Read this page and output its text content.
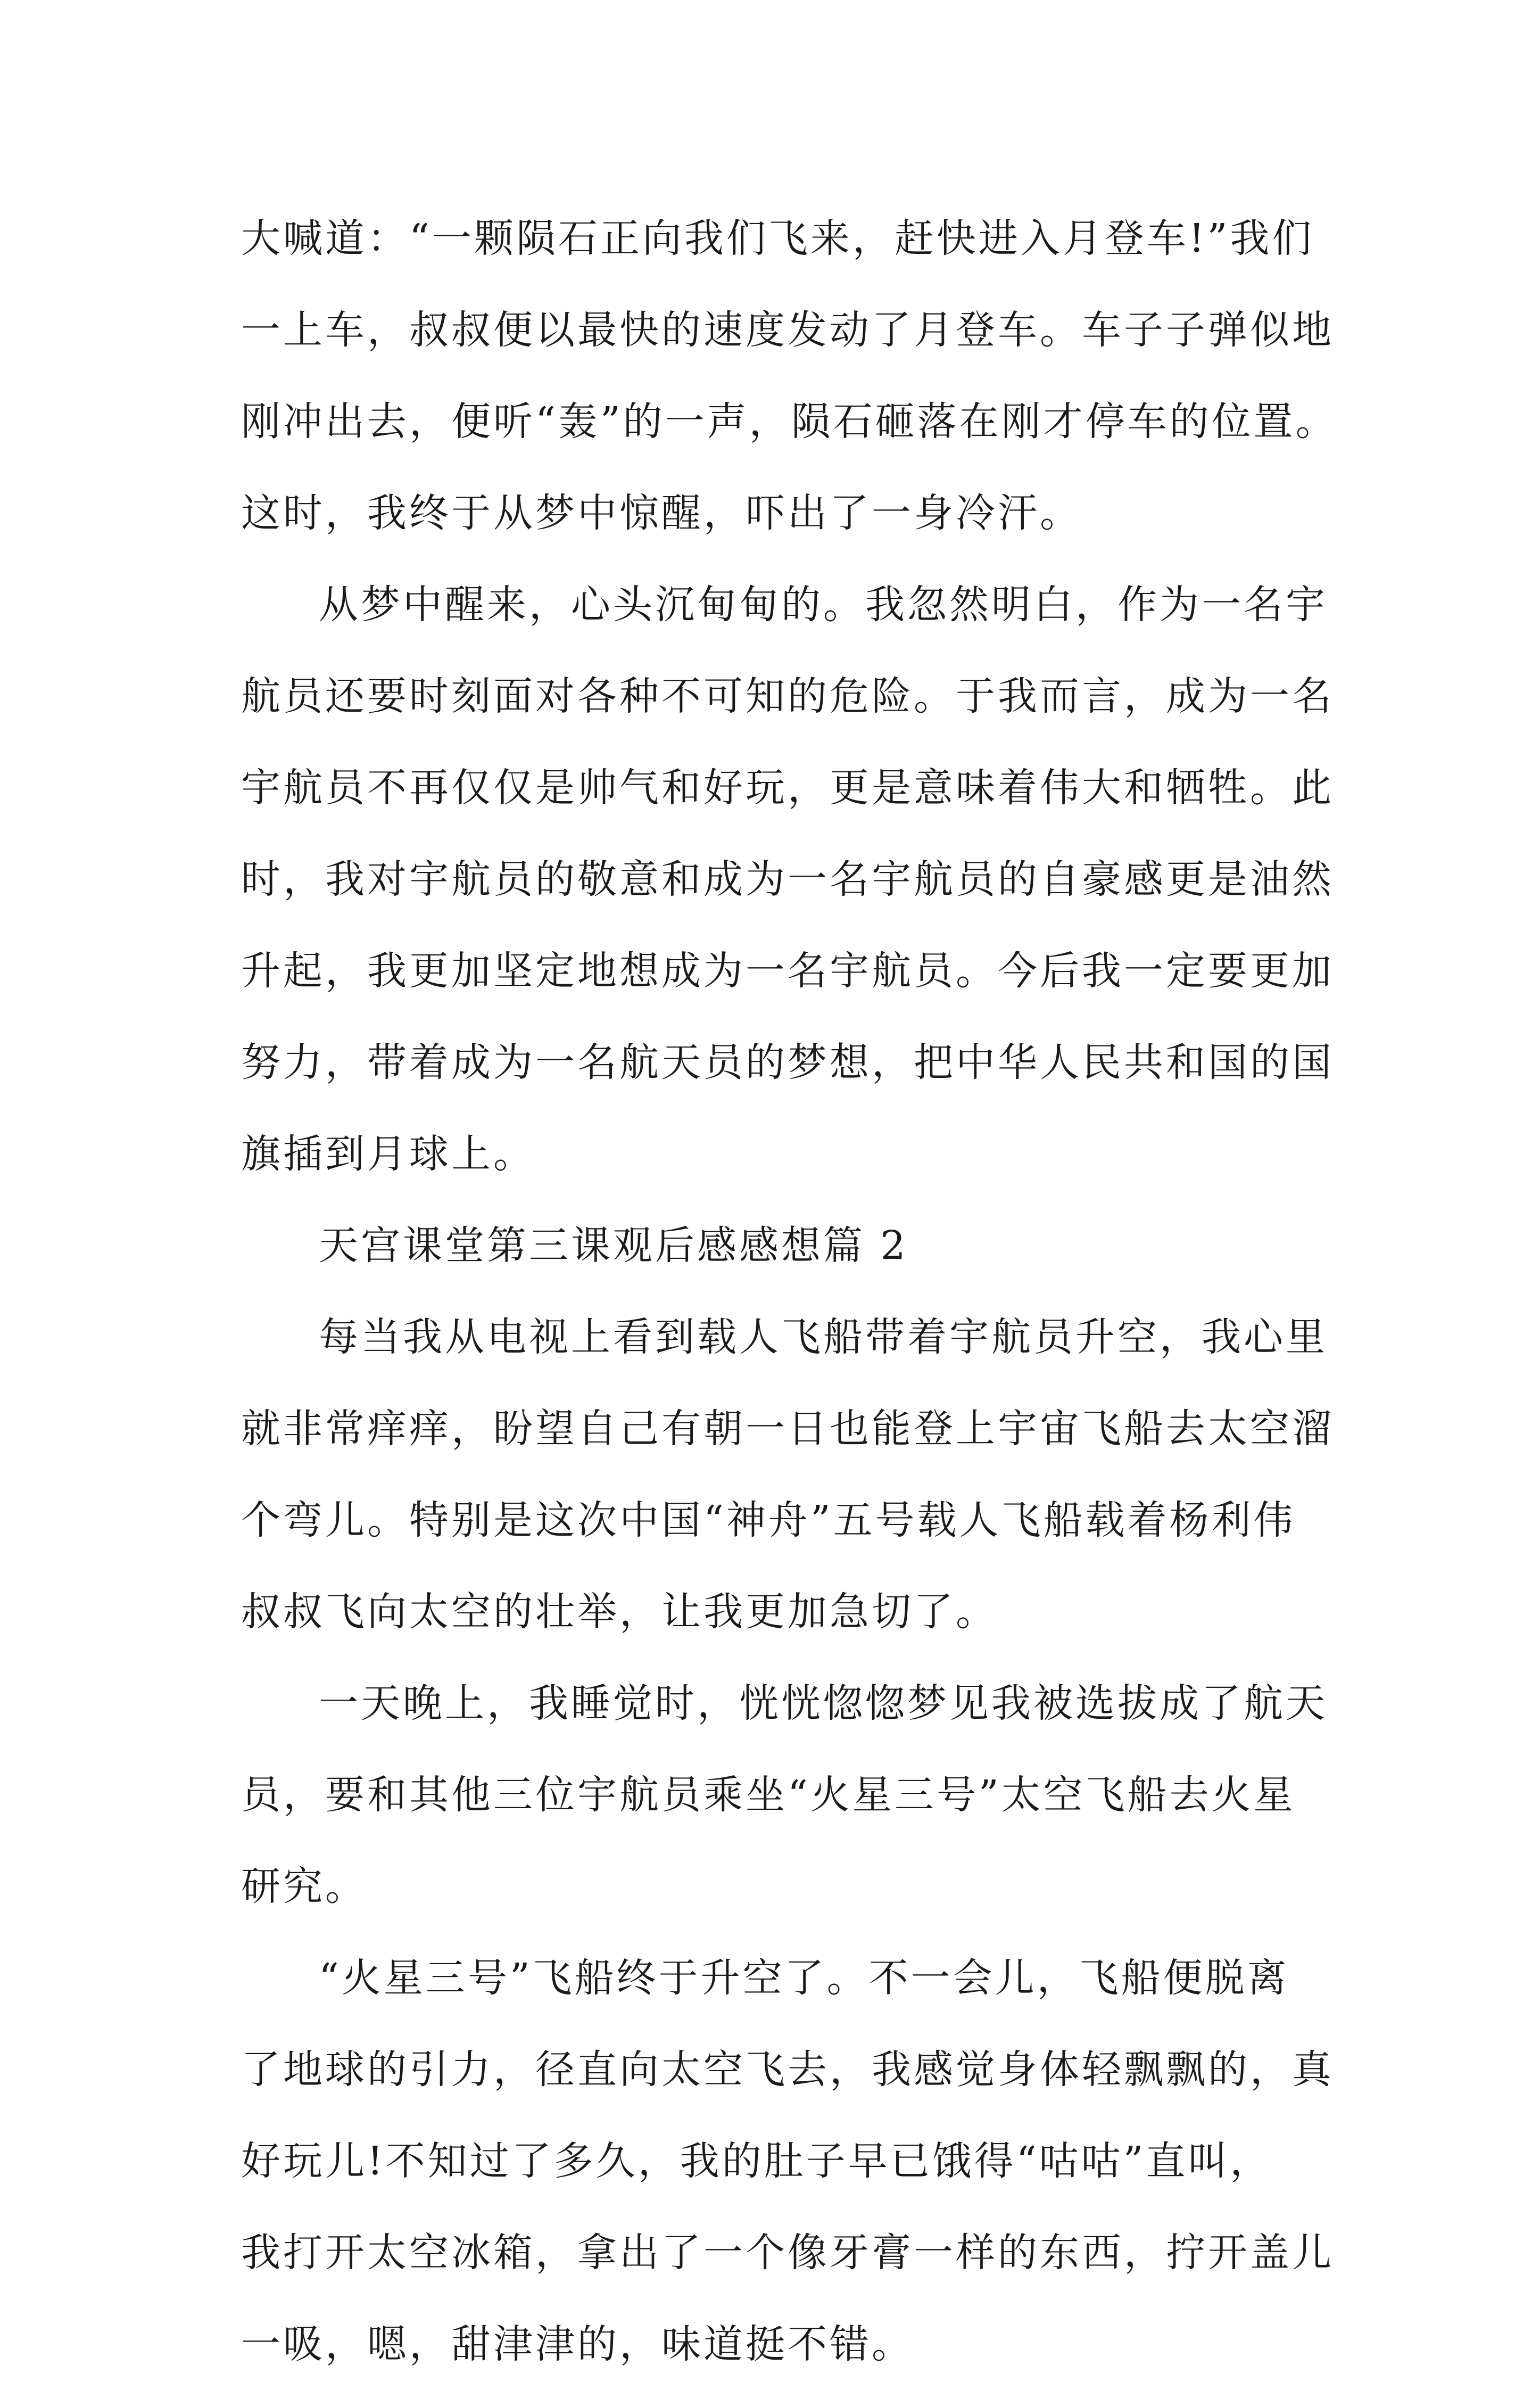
大喊道：“一颗陨石正向我们飞来，赶快进入月登车!”我们
一上车，叔叔便以最快的速度发动了月登车。车子子弹似地
刚冲出去，便听“轰”的一声，陨石砸落在刚才停车的位置。
这时，我终于从梦中惊醒，吓出了一身冷汗。
从梦中醒来，心头沉甸甸的。我忽然明白，作为一名宇
航员还要时刻面对各种不可知的危险。于我而言，成为一名
宇航员不再仅仅是帅气和好玩，更是意味着伟大和牺牲。此
时，我对宇航员的敬意和成为一名宇航员的自豪感更是油然
升起，我更加坚定地想成为一名宇航员。今后我一定要更加
努力，带着成为一名航天员的梦想，把中华人民共和国的国
旗插到月球上。
天宫课堂第三课观后感感想篇 2
每当我从电视上看到载人飞船带着宇航员升空，我心里
就非常痒痒，盼望自己有朝一日也能登上宇宙飞船去太空溜
个弯儿。特别是这次中国“神舟”五号载人飞船载着杨利伟
叔叔飞向太空的壮举，让我更加急切了。
一天晚上，我睡觉时，恍恍惚惚梦见我被选拔成了航天
员，要和其他三位宇航员乘坐“火星三号”太空飞船去火星
研究。
“火星三号”飞船终于升空了。不一会儿，飞船便脱离
了地球的引力，径直向太空飞去，我感觉身体轻飘飘的，真
好玩儿!不知过了多久，我的肚子早已饿得“咕咕”直叫，
我打开太空冰箱，拿出了一个像牙膏一样的东西，拧开盖儿
一吸，嗯，甜津津的，味道挺不错。
